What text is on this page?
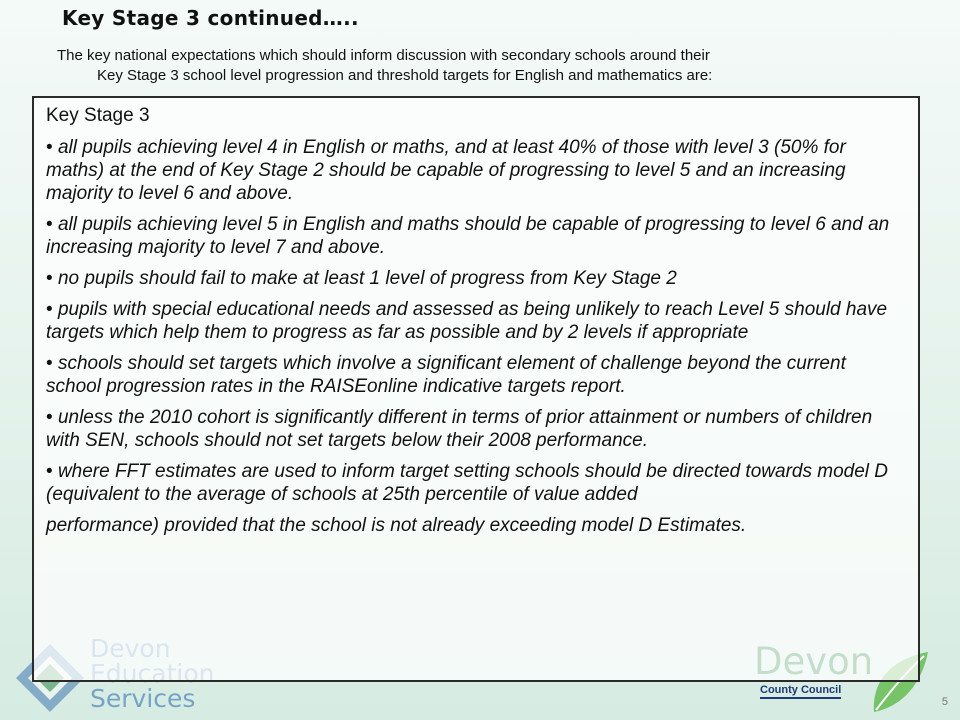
Key Stage 3 continued…..
The key national expectations which should inform discussion with secondary schools around their
Key Stage 3 school level progression and threshold targets for English and mathematics are:
Services	County Council

Key Stage 3

• all pupils achieving level 4 in English or maths, and at least 40% of those with level 3 (50% for maths) at the end of Key Stage 2 should be capable of progressing to level 5 and an increasing majority to level 6 and above.
• all pupils achieving level 5 in English and maths should be capable of progressing to level 6 and an increasing majority to level 7 and above.
• no pupils should fail to make at least 1 level of progress from Key Stage 2
• pupils with special educational needs and assessed as being unlikely to reach Level 5 should have targets which help them to progress as far as possible and by 2 levels if appropriate
• schools should set targets which involve a significant element of challenge beyond the current school progression rates in the RAISEonline indicative targets report.
• unless the 2010 cohort is significantly different in terms of prior attainment or numbers of children with SEN, schools should not set targets below their 2008 performance.
• where FFT estimates are used to inform target setting schools should be directed towards model D (equivalent to the average of schools at 25th percentile of value added

performance) provided that the school is not already exceeding model D Estimates.

5
